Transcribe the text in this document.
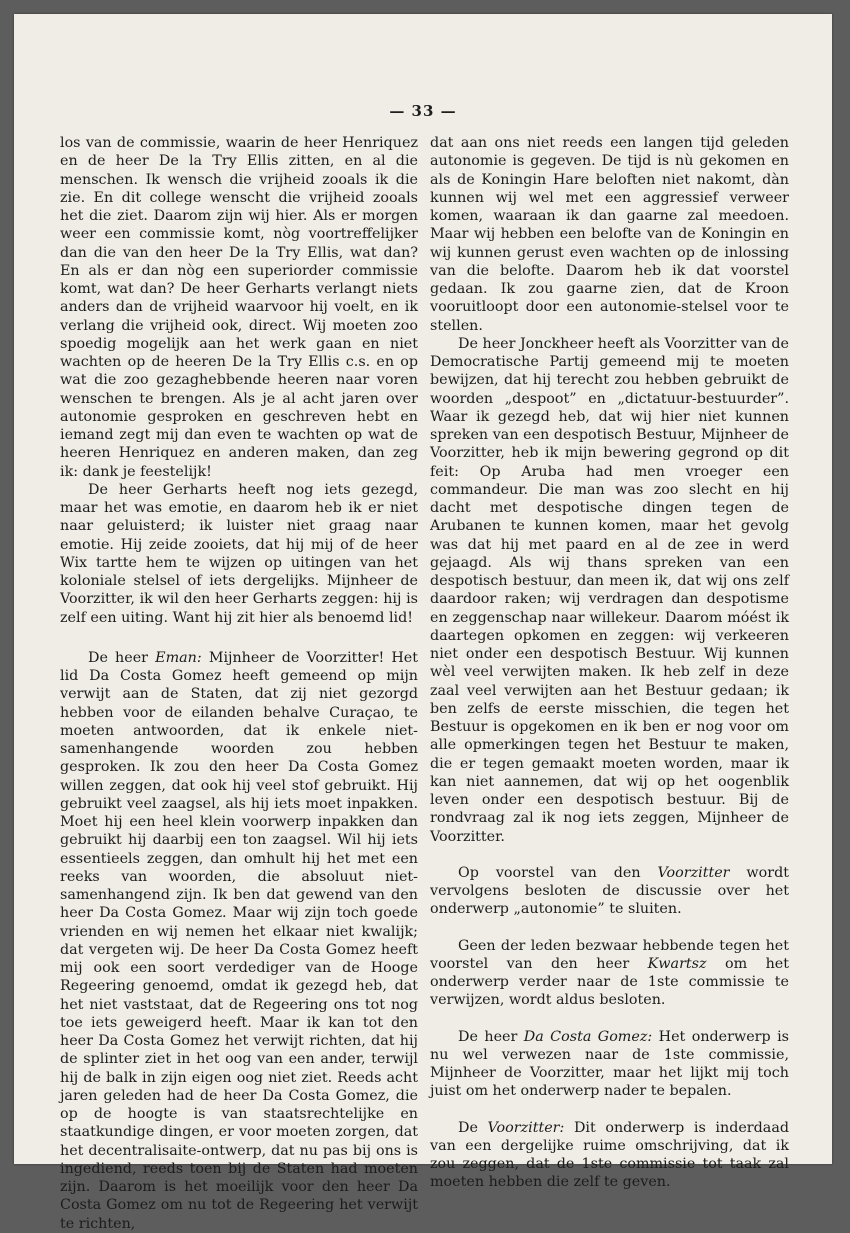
— 33 —

los van de commissie, waarin de heer Henriquez en de heer De la Try Ellis zitten, en al die menschen. Ik wensch die vrijheid zooals ik die zie. En dit college wenscht die vrijheid zooals het die ziet. Daarom zijn wij hier. Als er morgen weer een commissie komt, nòg voortreffelijker dan die van den heer De la Try Ellis, wat dan? En als er dan nòg een superiorder commissie komt, wat dan? De heer Gerharts verlangt niets anders dan de vrijheid waarvoor hij voelt, en ik verlang die vrijheid ook, direct. Wij moeten zoo spoedig mogelijk aan het werk gaan en niet wachten op de heeren De la Try Ellis c.s. en op wat die zoo gezaghebbende heeren naar voren wenschen te brengen. Als je al acht jaren over autonomie gesproken en geschreven hebt en iemand zegt mij dan even te wachten op wat de heeren Henriquez en anderen maken, dan zeg ik: dank je feestelijk!

De heer Gerharts heeft nog iets gezegd, maar het was emotie, en daarom heb ik er niet naar geluisterd; ik luister niet graag naar emotie. Hij zeide zooiets, dat hij mij of de heer Wix tartte hem te wijzen op uitingen van het koloniale stelsel of iets dergelijks. Mijnheer de Voorzitter, ik wil den heer Gerharts zeggen: hij is zelf een uiting. Want hij zit hier als benoemd lid!

De heer Eman: Mijnheer de Voorzitter! Het lid Da Costa Gomez heeft gemeend op mijn verwijt aan de Staten, dat zij niet gezorgd hebben voor de eilanden behalve Curaçao, te moeten antwoorden, dat ik enkele niet-samenhangende woorden zou hebben gesproken. Ik zou den heer Da Costa Gomez willen zeggen, dat ook hij veel stof gebruikt. Hij gebruikt veel zaagsel, als hij iets moet inpakken. Moet hij een heel klein voorwerp inpakken dan gebruikt hij daarbij een ton zaagsel. Wil hij iets essentieels zeggen, dan omhult hij het met een reeks van woorden, die absoluut niet-samenhangend zijn. Ik ben dat gewend van den heer Da Costa Gomez. Maar wij zijn toch goede vrienden en wij nemen het elkaar niet kwalijk; dat vergeten wij. De heer Da Costa Gomez heeft mij ook een soort verdediger van de Hooge Regeering genoemd, omdat ik gezegd heb, dat het niet vaststaat, dat de Regeering ons tot nog toe iets geweigerd heeft. Maar ik kan tot den heer Da Costa Gomez het verwijt richten, dat hij de splinter ziet in het oog van een ander, terwijl hij de balk in zijn eigen oog niet ziet. Reeds acht jaren geleden had de heer Da Costa Gomez, die op de hoogte is van staatsrechtelijke en staatkundige dingen, er voor moeten zorgen, dat het decentralisaite-ontwerp, dat nu pas bij ons is ingediend, reeds toen bij de Staten had moeten zijn. Daarom is het moeilijk voor den heer Da Costa Gomez om nu tot de Regeering het verwijt te richten,

dat aan ons niet reeds een langen tijd geleden autonomie is gegeven. De tijd is nù gekomen en als de Koningin Hare beloften niet nakomt, dàn kunnen wij wel met een aggressief verweer komen, waaraan ik dan gaarne zal meedoen. Maar wij hebben een belofte van de Koningin en wij kunnen gerust even wachten op de inlossing van die belofte. Daarom heb ik dat voorstel gedaan. Ik zou gaarne zien, dat de Kroon vooruitloopt door een autonomie-stelsel voor te stellen.

De heer Jonckheer heeft als Voorzitter van de Democratische Partij gemeend mij te moeten bewijzen, dat hij terecht zou hebben gebruikt de woorden „despoot” en „dictatuur-bestuurder”. Waar ik gezegd heb, dat wij hier niet kunnen spreken van een despotisch Bestuur, Mijnheer de Voorzitter, heb ik mijn bewering gegrond op dit feit: Op Aruba had men vroeger een commandeur. Die man was zoo slecht en hij dacht met despotische dingen tegen de Arubanen te kunnen komen, maar het gevolg was dat hij met paard en al de zee in werd gejaagd. Als wij thans spreken van een despotisch bestuur, dan meen ik, dat wij ons zelf daardoor raken; wij verdragen dan despotisme en zeggenschap naar willekeur. Daarom móést ik daartegen opkomen en zeggen: wij verkeeren niet onder een despotisch Bestuur. Wij kunnen wèl veel verwijten maken. Ik heb zelf in deze zaal veel verwijten aan het Bestuur gedaan; ik ben zelfs de eerste misschien, die tegen het Bestuur is opgekomen en ik ben er nog voor om alle opmerkingen tegen het Bestuur te maken, die er tegen gemaakt moeten worden, maar ik kan niet aannemen, dat wij op het oogenblik leven onder een despotisch bestuur. Bij de rondvraag zal ik nog iets zeggen, Mijnheer de Voorzitter.

Op voorstel van den Voorzitter wordt vervolgens besloten de discussie over het onderwerp „autonomie” te sluiten.

Geen der leden bezwaar hebbende tegen het voorstel van den heer Kwartsz om het onderwerp verder naar de 1ste commissie te verwijzen, wordt aldus besloten.

De heer Da Costa Gomez: Het onderwerp is nu wel verwezen naar de 1ste commissie, Mijnheer de Voorzitter, maar het lijkt mij toch juist om het onderwerp nader te bepalen.

De Voorzitter: Dit onderwerp is inderdaad van een dergelijke ruime omschrijving, dat ik zou zeggen, dat de 1ste commissie tot taak zal moeten hebben die zelf te geven.
